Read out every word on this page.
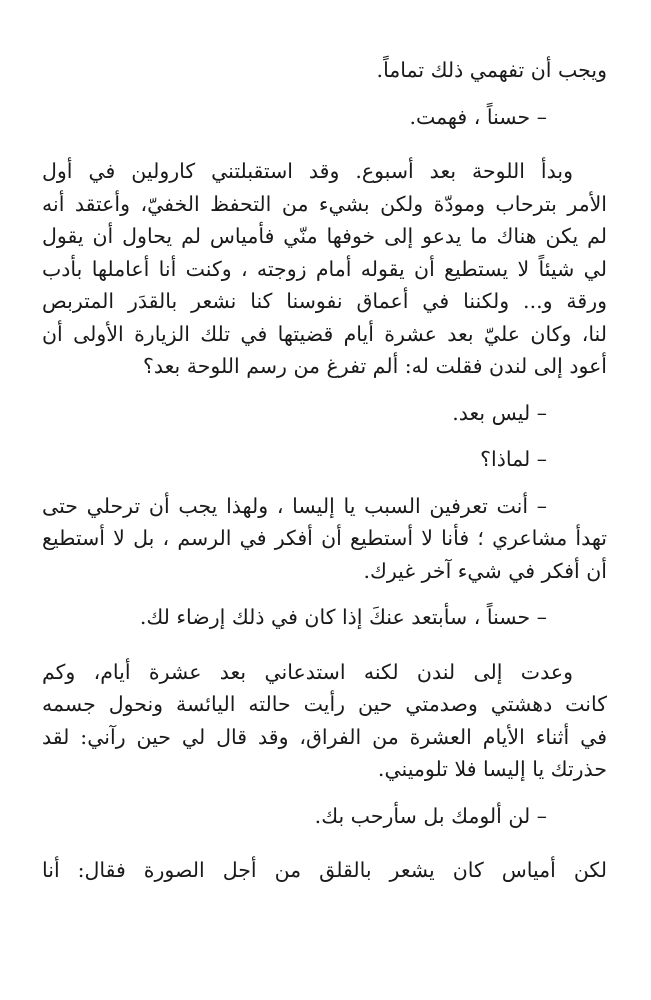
ويجب أن تفهمي ذلك تماماً.

– حسناً ، فهمت.

وبدأ اللوحة بعد أسبوع. وقد استقبلتني كارولين في أول
الأمر بترحاب ومودّة ولكن بشيء من التحفظ الخفيّ، وأعتقد أنه
لم يكن هناك ما يدعو إلى خوفها منّي فأمياس لم يحاول أن يقول
لي شيئاً لا يستطيع أن يقوله أمام زوجته ، وكنت أنا أعاملها بأدب
ورقة و... ولكننا في أعماق نفوسنا كنا نشعر بالقدَر المتربص
لنا، وكان عليّ بعد عشرة أيام قضيتها في تلك الزيارة الأولى أن
أعود إلى لندن فقلت له: ألم تفرغ من رسم اللوحة بعد؟

– ليس بعد.

– لماذا؟

– أنت تعرفين السبب يا إليسا ، ولهذا يجب أن ترحلي حتى
تهدأ مشاعري ؛ فأنا لا أستطيع أن أفكر في الرسم ، بل لا أستطيع
أن أفكر في شيء آخر غيرك.

– حسناً ، سأبتعد عنكَ إذا كان في ذلك إرضاء لك.

وعدت إلى لندن لكنه استدعاني بعد عشرة أيام، وكم
كانت دهشتي وصدمتي حين رأيت حالته اليائسة ونحول جسمه
في أثناء الأيام العشرة من الفراق، وقد قال لي حين رآني: لقد
حذرتك يا إليسا فلا تلوميني.

– لن ألومك بل سأرحب بك.

لكن أمياس كان يشعر بالقلق من أجل الصورة فقال: أنا
